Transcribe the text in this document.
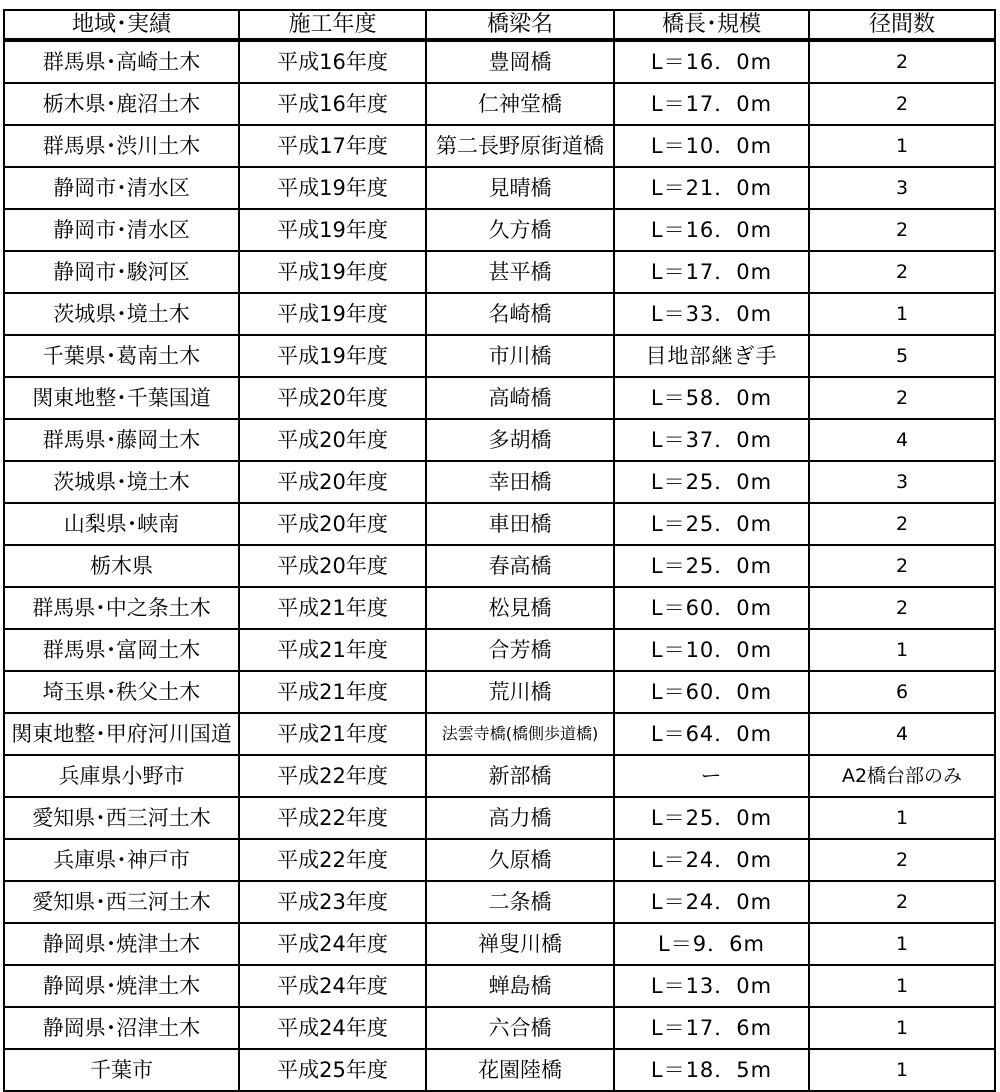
地域･実績	施工年度	橋梁名	橋長･規模	径間数
群馬県･高崎土木	平成16年度	豊岡橋	L＝16．0m	2
栃木県･鹿沼土木	平成16年度	仁神堂橋	L＝17．0m	2
群馬県･渋川土木	平成17年度	第二長野原街道橋	L＝10．0m	1
静岡市･清水区	平成19年度	見晴橋	L＝21．0m	3
静岡市･清水区	平成19年度	久方橋	L＝16．0m	2
静岡市･駿河区	平成19年度	甚平橋	L＝17．0m	2
茨城県･境土木	平成19年度	名崎橋	L＝33．0m	1
千葉県･葛南土木	平成19年度	市川橋	目地部継ぎ手	5
関東地整･千葉国道	平成20年度	高崎橋	L＝58．0m	2
群馬県･藤岡土木	平成20年度	多胡橋	L＝37．0m	4
茨城県･境土木	平成20年度	幸田橋	L＝25．0m	3
山梨県･峡南	平成20年度	車田橋	L＝25．0m	2
栃木県	平成20年度	春高橋	L＝25．0m	2
群馬県･中之条土木	平成21年度	松見橋	L＝60．0m	2
群馬県･富岡土木	平成21年度	合芳橋	L＝10．0m	1
埼玉県･秩父土木	平成21年度	荒川橋	L＝60．0m	6
関東地整･甲府河川国道	平成21年度	法雲寺橋(橋側歩道橋)	L＝64．0m	4
兵庫県小野市	平成22年度	新部橋	ー	A2橋台部のみ
愛知県･西三河土木	平成22年度	高力橋	L＝25．0m	1
兵庫県･神戸市	平成22年度	久原橋	L＝24．0m	2
愛知県･西三河土木	平成23年度	二条橋	L＝24．0m	2
静岡県･焼津土木	平成24年度	禅叟川橋	L＝9．6m	1
静岡県･焼津土木	平成24年度	蝉島橋	L＝13．0m	1
静岡県･沼津土木	平成24年度	六合橋	L＝17．6m	1
千葉市	平成25年度	花園陸橋	L＝18．5m	1
